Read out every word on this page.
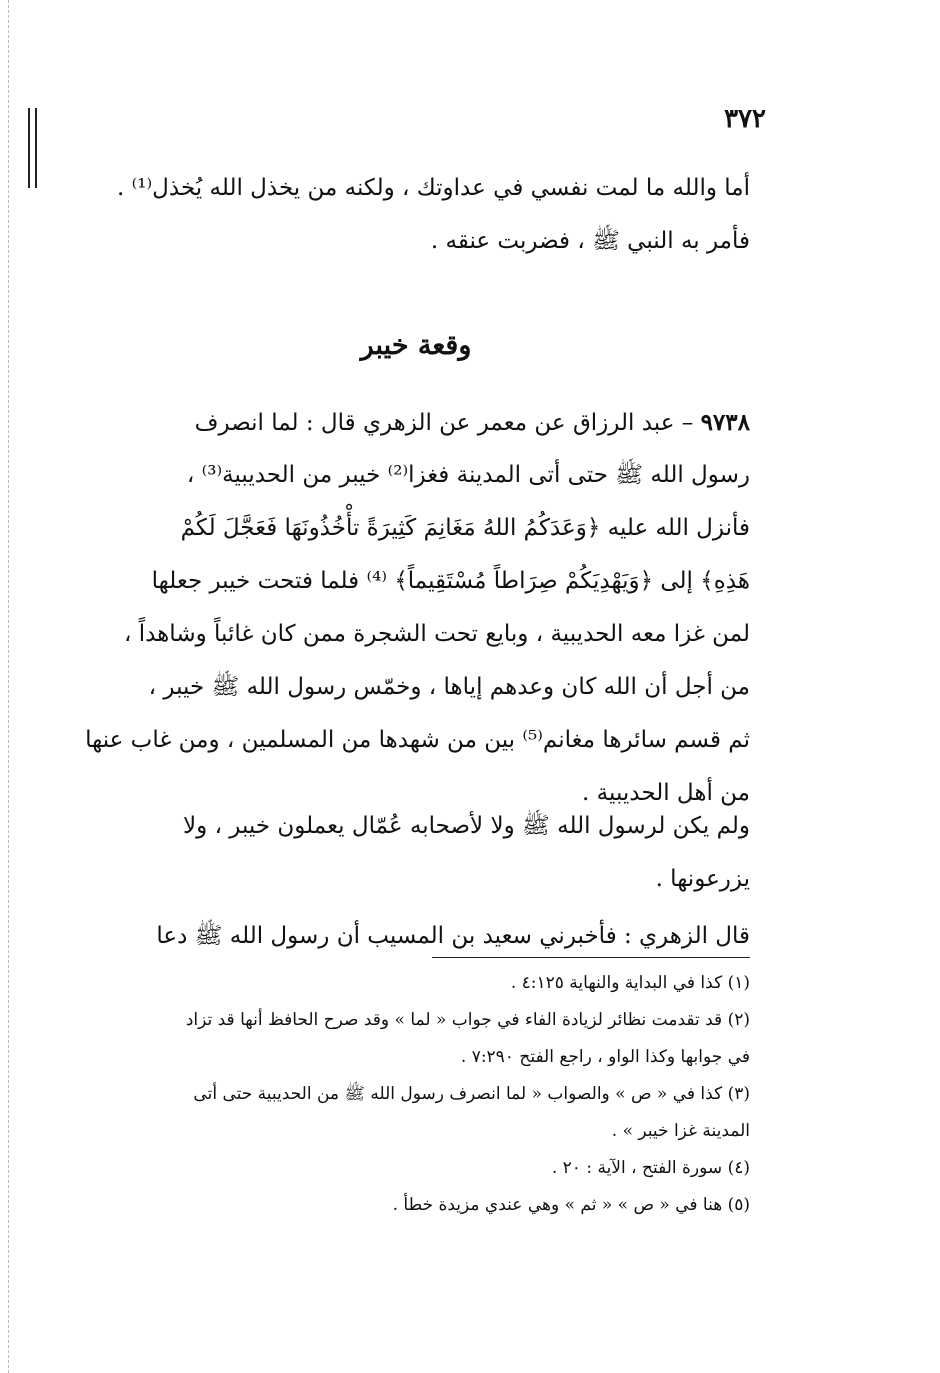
٣٧٢
أما والله ما لمت نفسي في عداوتك ، ولكنه من يخذل الله يُخذل⁽¹⁾ .
فأمر به النبي ﷺ ، فضربت عنقه .
وقعة خيبر
٩٧٣٨ – عبد الرزاق عن معمر عن الزهري قال : لما انصرف
رسول الله ﷺ حتى أتى المدينة فغزا⁽²⁾ خيبر من الحديبية⁽³⁾ ،
فأنزل الله عليه ﴿وَعَدَكُمُ اللهُ مَغَانِمَ كَثِيرَةً تأْخُذُونَهَا فَعَجَّلَ لَكُمْ
هَذِهِ﴾ إلى ﴿وَيَهْدِيَكُمْ صِرَاطاً مُسْتَقِيماً﴾ ⁽⁴⁾ فلما فتحت خيبر جعلها
لمن غزا معه الحديبية ، وبايع تحت الشجرة ممن كان غائباً وشاهداً ،
من أجل أن الله كان وعدهم إياها ، وخمّس رسول الله ﷺ خيبر ،
ثم قسم سائرها مغانم⁽⁵⁾ بين من شهدها من المسلمين ، ومن غاب عنها
من أهل الحديبية .
ولم يكن لرسول الله ﷺ ولا لأصحابه عُمّال يعملون خيبر ، ولا
يزرعونها .
قال الزهري : فأخبرني سعيد بن المسيب أن رسول الله ﷺ دعا
(١) كذا في البداية والنهاية ٤:١٢٥ .
(٢) قد تقدمت نظائر لزيادة الفاء في جواب « لما » وقد صرح الحافظ أنها قد تزاد
في جوابها وكذا الواو ، راجع الفتح ٧:٢٩٠ .
(٣) كذا في « ص » والصواب « لما انصرف رسول الله ﷺ من الحديبية حتى أتى
المدينة غزا خيبر » .
(٤) سورة الفتح ، الآية : ٢٠ .
(٥) هنا في « ص » « ثم » وهي عندي مزيدة خطأ .
